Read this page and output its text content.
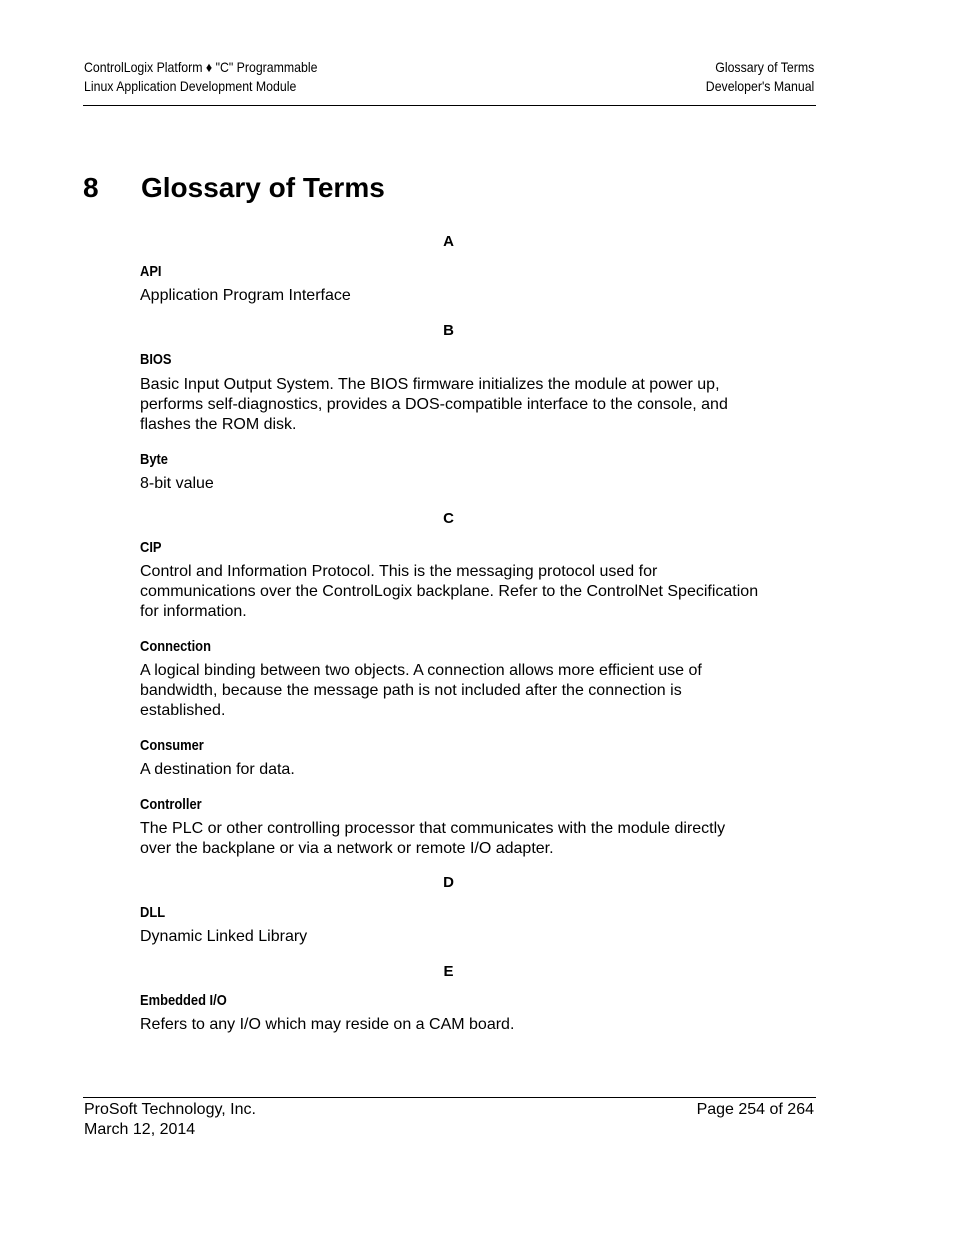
ControlLogix Platform ♦ "C" Programmable
Linux Application Development Module
Glossary of Terms
Developer's Manual
8 Glossary of Terms

A

API

Application Program Interface

B

BIOS

Basic Input Output System. The BIOS firmware initializes the module at power up, performs self-diagnostics, provides a DOS-compatible interface to the console, and flashes the ROM disk.

Byte

8-bit value

C

CIP

Control and Information Protocol. This is the messaging protocol used for communications over the ControlLogix backplane. Refer to the ControlNet Specification for information.

Connection

A logical binding between two objects. A connection allows more efficient use of bandwidth, because the message path is not included after the connection is established.

Consumer

A destination for data.

Controller

The PLC or other controlling processor that communicates with the module directly over the backplane or via a network or remote I/O adapter.

D

DLL

Dynamic Linked Library

E

Embedded I/O

Refers to any I/O which may reside on a CAM board.

ProSoft Technology, Inc.
March 12, 2014
Page 254 of 264
